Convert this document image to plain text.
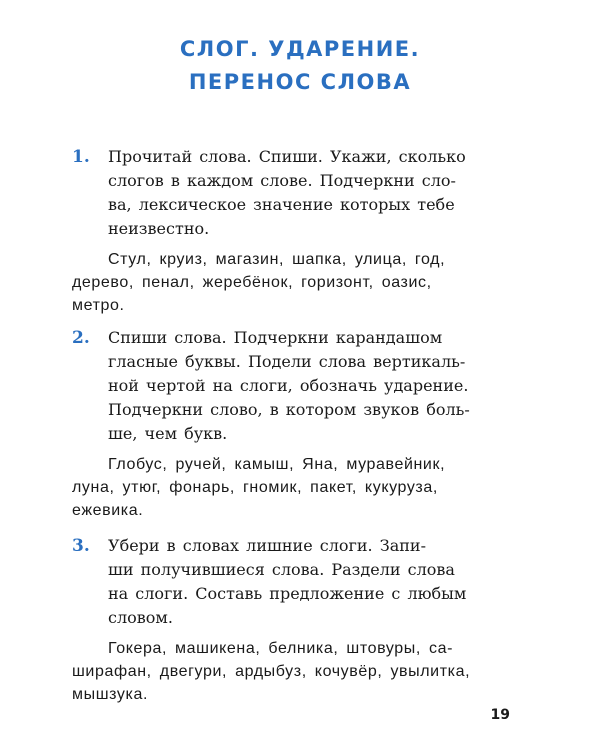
СЛОГ. УДАРЕНИЕ.
ПЕРЕНОС СЛОВА
1. Прочитай слова. Спиши. Укажи, сколько
слогов в каждом слове. Подчеркни сло-
ва, лексическое значение которых тебе
неизвестно.
Стул, круиз, магазин, шапка, улица, год,
дерево, пенал, жеребёнок, горизонт, оазис,
метро.
2. Спиши слова. Подчеркни карандашом
гласные буквы. Подели слова вертикаль-
ной чертой на слоги, обозначь ударение.
Подчеркни слово, в котором звуков боль-
ше, чем букв.
Глобус, ручей, камыш, Яна, муравейник,
луна, утюг, фонарь, гномик, пакет, кукуруза,
ежевика.
3. Убери в словах лишние слоги. Запи-
ши получившиеся слова. Раздели слова
на слоги. Составь предложение с любым
словом.
Гокера, машикена, белника, штовуры, са-
ширафан, двегури, ардыбуз, кочувёр, увылитка,
мышзука.
19
